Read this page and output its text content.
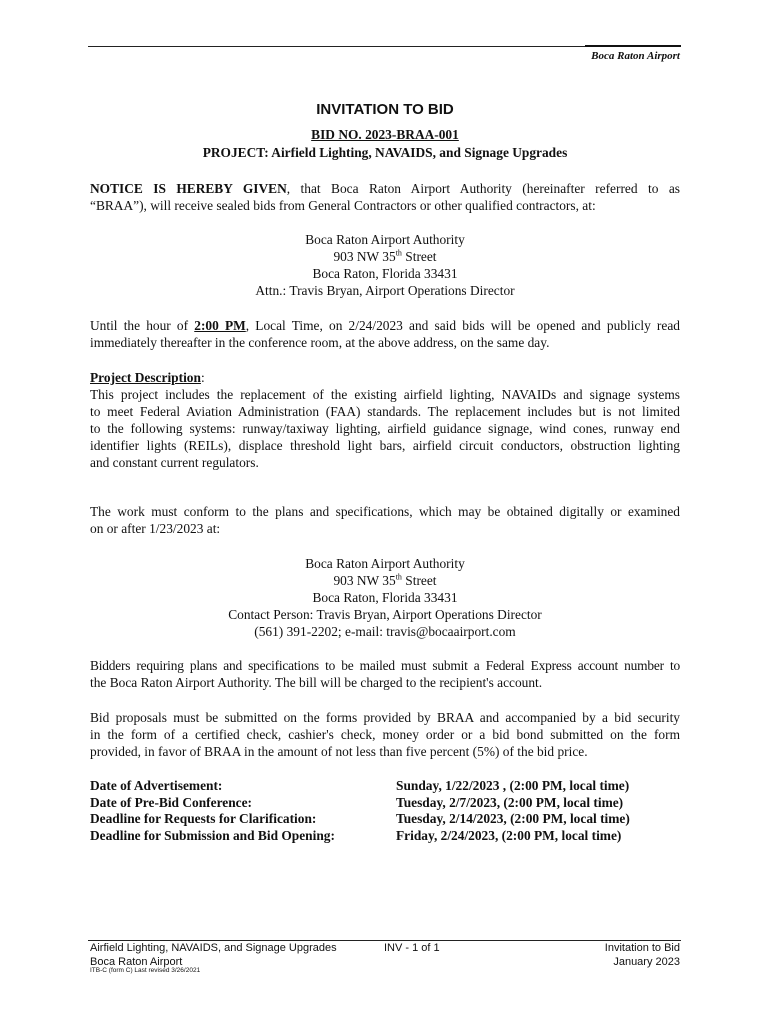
Boca Raton Airport
INVITATION TO BID
BID NO. 2023-BRAA-001
PROJECT: Airfield Lighting, NAVAIDS, and Signage Upgrades
NOTICE IS HEREBY GIVEN, that Boca Raton Airport Authority (hereinafter referred to as
“BRAA”), will receive sealed bids from General Contractors or other qualified contractors, at:
Boca Raton Airport Authority
903 NW 35th Street
Boca Raton, Florida 33431
Attn.: Travis Bryan, Airport Operations Director
Until the hour of 2:00 PM, Local Time, on 2/24/2023 and said bids will be opened and publicly read
immediately thereafter in the conference room, at the above address, on the same day.
Project Description:
This project includes the replacement of the existing airfield lighting, NAVAIDs and signage systems
to meet Federal Aviation Administration (FAA) standards. The replacement includes but is not limited
to the following systems: runway/taxiway lighting, airfield guidance signage, wind cones, runway end
identifier lights (REILs), displace threshold light bars, airfield circuit conductors, obstruction lighting
and constant current regulators.
The work must conform to the plans and specifications, which may be obtained digitally or examined
on or after 1/23/2023 at:
Boca Raton Airport Authority
903 NW 35th Street
Boca Raton, Florida 33431
Contact Person: Travis Bryan, Airport Operations Director
(561) 391-2202; e-mail: travis@bocaairport.com
Bidders requiring plans and specifications to be mailed must submit a Federal Express account number to
the Boca Raton Airport Authority. The bill will be charged to the recipient's account.
Bid proposals must be submitted on the forms provided by BRAA and accompanied by a bid security
in the form of a certified check, cashier's check, money order or a bid bond submitted on the form
provided, in favor of BRAA in the amount of not less than five percent (5%) of the bid price.
Date of Advertisement:	Sunday, 1/22/2023 , (2:00 PM, local time)
Date of Pre-Bid Conference:	Tuesday, 2/7/2023, (2:00 PM, local time)
Deadline for Requests for Clarification:	Tuesday, 2/14/2023, (2:00 PM, local time)
Deadline for Submission and Bid Opening:	Friday, 2/24/2023, (2:00 PM, local time)
Airfield Lighting, NAVAIDS, and Signage Upgrades
Boca Raton Airport
INV - 1 of 1	Invitation to Bid
January 2023
ITB-C (form C) Last revised 3/26/2021
